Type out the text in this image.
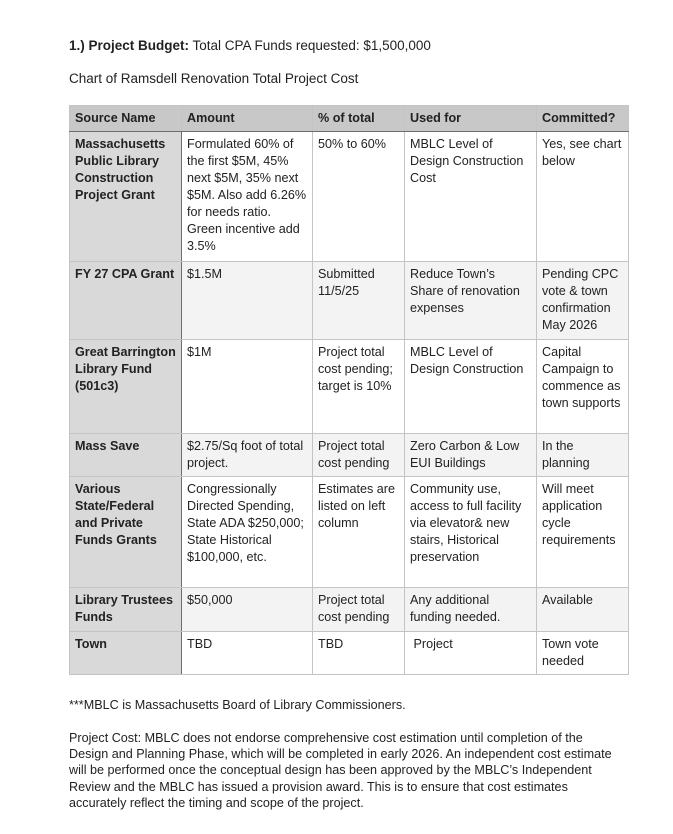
1.) Project Budget: Total CPA Funds requested: $1,500,000
Chart of Ramsdell Renovation Total Project Cost
Source Name	Amount	% of total	Used for	Committed?
Massachusetts Public Library Construction Project Grant	Formulated 60% of the first $5M, 45% next $5M, 35% next $5M. Also add 6.26% for needs ratio. Green incentive add 3.5%	50% to 60%	MBLC Level of Design Construction Cost	Yes, see chart below
FY 27 CPA Grant	$1.5M	Submitted 11/5/25	Reduce Town’s Share of renovation expenses	Pending CPC vote & town confirmation May 2026
Great Barrington Library Fund (501c3)	$1M	Project total cost pending; target is 10%	MBLC Level of Design Construction	Capital Campaign to commence as town supports
Mass Save	$2.75/Sq foot of total project.	Project total cost pending	Zero Carbon & Low EUI Buildings	In the planning
Various State/Federal and Private Funds Grants	Congressionally Directed Spending, State ADA $250,000; State Historical $100,000, etc.	Estimates are listed on left column	Community use, access to full facility via elevator& new stairs, Historical preservation	Will meet application cycle requirements
Library Trustees Funds	$50,000	Project total cost pending	Any additional funding needed.	Available
Town	TBD	TBD	Project	Town vote needed
***MBLC is Massachusetts Board of Library Commissioners.
Project Cost: MBLC does not endorse comprehensive cost estimation until completion of the Design and Planning Phase, which will be completed in early 2026. An independent cost estimate will be performed once the conceptual design has been approved by the MBLC’s Independent Review and the MBLC has issued a provision award. This is to ensure that cost estimates accurately reflect the timing and scope of the project.
